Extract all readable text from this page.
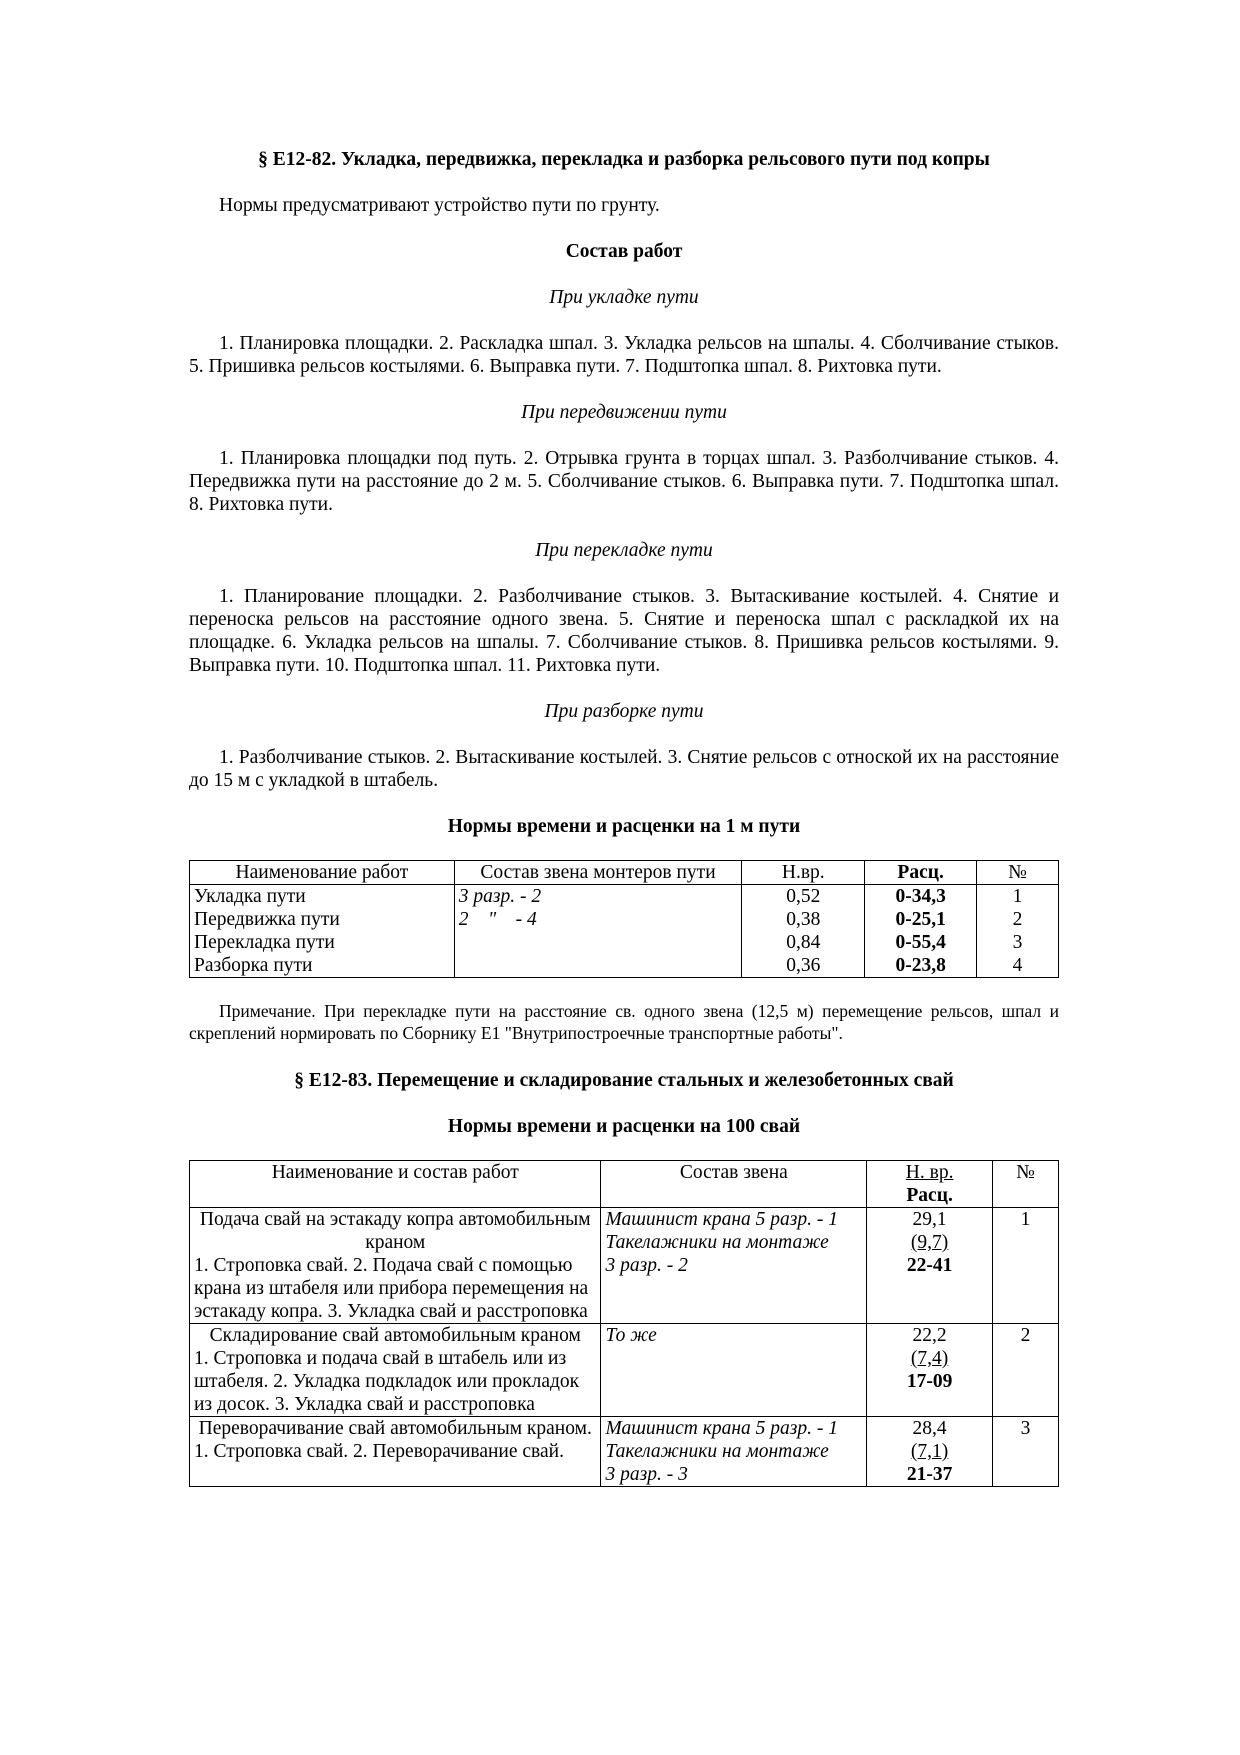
§ Е12-82. Укладка, передвижка, перекладка и разборка рельсового пути под копры

Нормы предусматривают устройство пути по грунту.

Состав работ

При укладке пути

1. Планировка площадки. 2. Раскладка шпал. 3. Укладка рельсов на шпалы. 4. Сболчивание стыков. 5. Пришивка рельсов костылями. 6. Выправка пути. 7. Подштопка шпал. 8. Рихтовка пути.

При передвижении пути

1. Планировка площадки под путь. 2. Отрывка грунта в торцах шпал. 3. Разболчивание стыков. 4. Передвижка пути на расстояние до 2 м. 5. Сболчивание стыков. 6. Выправка пути. 7. Подштопка шпал. 8. Рихтовка пути.

При перекладке пути

1. Планирование площадки. 2. Разболчивание стыков. 3. Вытаскивание костылей. 4. Снятие и переноска рельсов на расстояние одного звена. 5. Снятие и переноска шпал с раскладкой их на площадке. 6. Укладка рельсов на шпалы. 7. Сболчивание стыков. 8. Пришивка рельсов костылями. 9. Выправка пути. 10. Подштопка шпал. 11. Рихтовка пути.

При разборке пути

1. Разболчивание стыков. 2. Вытаскивание костылей. 3. Снятие рельсов с отноской их на расстояние до 15 м с укладкой в штабель.

Нормы времени и расценки на 1 м пути

Наименование работ	Состав звена монтеров пути	Н.вр.	Расц.	№
Укладка пути	3 разр. - 2	0,52	0-34,3	1
Передвижка пути	2    "    - 4	0,38	0-25,1	2
Перекладка пути		0,84	0-55,4	3
Разборка пути		0,36	0-23,8	4

Примечание. При перекладке пути на расстояние св. одного звена (12,5 м) перемещение рельсов, шпал и скреплений нормировать по Сборнику Е1 "Внутрипостроечные транспортные работы".

§ Е12-83. Перемещение и складирование стальных и железобетонных свай

Нормы времени и расценки на 100 свай

Наименование и состав работ	Состав звена	Н. вр.
Расц.	№

Подача свай на эстакаду копра автомобильным краном
1. Строповка свай. 2. Подача свай с помощью крана из штабеля или прибора перемещения на эстакаду копра. 3. Укладка свай и расстроповка	Машинист крана 5 разр. - 1
Такелажники на монтаже
3 разр. - 2	29,1
(9,7)
22-41	1

Складирование свай автомобильным краном
1. Строповка и подача свай в штабель или из штабеля. 2. Укладка подкладок или прокладок из досок. 3. Укладка свай и расстроповка	То же	22,2
(7,4)
17-09	2

Переворачивание свай автомобильным краном.
1. Строповка свай. 2. Переворачивание свай.	Машинист крана 5 разр. - 1
Такелажники на монтаже
3 разр. - 3	28,4
(7,1)
21-37	3
